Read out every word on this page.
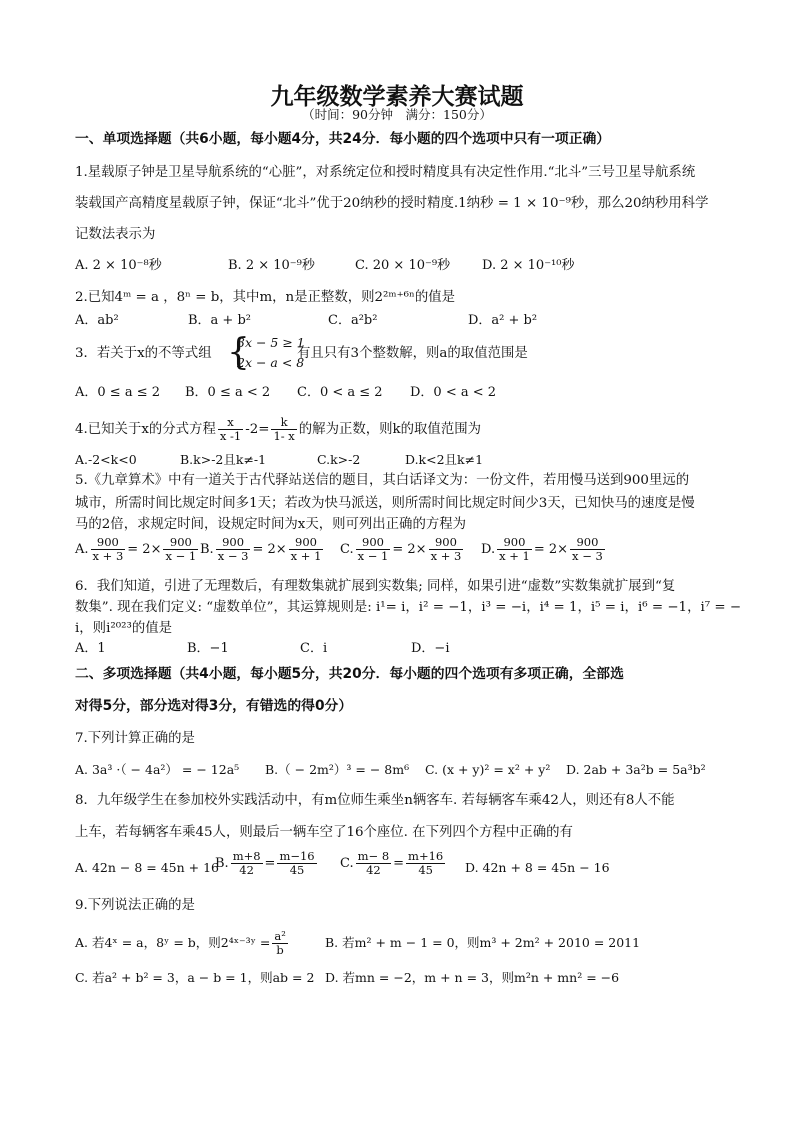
九年级数学素养大赛试题
（时间：90分钟　满分：150分）
一、单项选择题（共6小题，每小题4分，共24分．每小题的四个选项中只有一项正确）
1.星载原子钟是卫星导航系统的“心脏”，对系统定位和授时精度具有决定性作用.“北斗”三号卫星导航系统
装载国产高精度星载原子钟，保证“北斗”优于20纳秒的授时精度.1纳秒 = 1 × 10⁻⁹秒，那么20纳秒用科学
记数法表示为
A. 2 × 10⁻⁸秒	B. 2 × 10⁻⁹秒	C. 20 × 10⁻⁹秒 D. 2 × 10⁻¹⁰秒
2.已知4ᵐ = a ，8ⁿ = b，其中m，n是正整数，则2²ᵐ⁺⁶ⁿ的值是
A．ab²	B．a + b²	C．a²b²	D．a² + b²
3．若关于x的不等式组 {
3x − 5 ≥ 1
2x − a < 8
有且只有3个整数解，则a的取值范围是
A．0 ≤ a ≤ 2 B．0 ≤ a < 2 C．0 < a ≤ 2 D．0 < a < 2
4.已知关于x的分式方程 $\frac{x}{x -1} -2= \frac{k}{1- x}$ 的解为正数，则k的取值范围为
A.-2<k<0	B.k>-2且k≠-1	C.k>-2	D.k<2且k≠1
5.《九章算术》中有一道关于古代驿站送信的题目，其白话译文为：一份文件，若用慢马送到900里远的
城市，所需时间比规定时间多1天；若改为快马派送，则所需时间比规定时间少3天，已知快马的速度是慢
马的2倍，求规定时间，设规定时间为x天，则可列出正确的方程为
A. $\frac{900}{x + 3} = 2\times \frac{900}{x - 1} B$. $\frac{900}{x - 3} = 2\times \frac{900}{x + 1} C$. $\frac{900}{x - 1} = 2\times \frac{900}{x + 3} D$. $\frac{900}{x + 1} = 2\times \frac{900}{x - 3}$
6．我们知道，引进了无理数后，有理数集就扩展到实数集; 同样，如果引进“虚数”实数集就扩展到“复
数集”. 现在我们定义: “虚数单位”，其运算规则是: i¹= i，i² = −1，i³ = −i，i⁴ = 1，i⁵ = i，i⁶ = −1，i⁷ = −
i，则i²⁰²³的值是
A．1	B．−1	C．i	D．−i
二、多项选择题（共4小题，每小题5分，共20分．每小题的四个选项有多项正确，全部选
对得5分，部分选对得3分，有错选的得0分）
7.下列计算正确的是
A. 3a³ ·（ − 4a²） = − 12a⁵ B.（ − 2m²）³ = − 8m⁶ C. (x + y)² = x² + y² D. 2ab + 3a²b = 5a³b²
8．九年级学生在参加校外实践活动中，有m位师生乘坐n辆客车. 若每辆客车乘42人，则还有8人不能
上车，若每辆客车乘45人，则最后一辆车空了16个座位. 在下列四个方程中正确的有
A. 42n − 8 = 45n + 16
B. $\frac{m+8}{42} = \frac{m-16}{45} C$. $\frac{m- 8}{42} = \frac{m+16}{45} D$. 42n + 8 = 45n − 16
9.下列说法正确的是
A. 若4ˣ = a，8ʸ = b，则2⁴ˣ⁻³ʸ = $\frac{\text{a²}}{b}$	B. 若m² + m − 1 = 0，则m³ + 2m² + 2010 = 2011
C. 若a² + b² = 3，a − b = 1，则ab = 2 D. 若mn = −2，m + n = 3，则m²n + mn² = −6
